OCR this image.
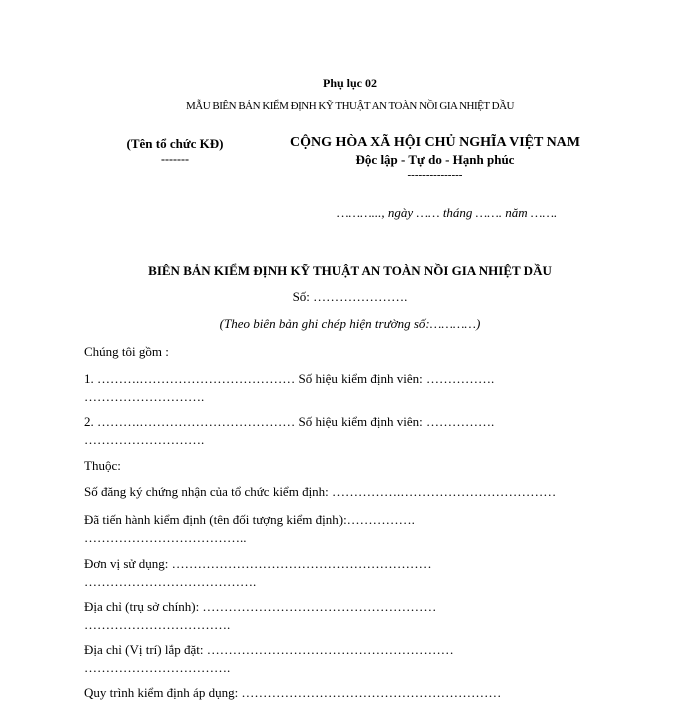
Phụ lục 02
MẪU BIÊN BẢN KIỂM ĐỊNH KỸ THUẬT AN TOÀN NỒI GIA NHIỆT DẦU
(Tên tổ chức KĐ)
-------
CỘNG HÒA XÃ HỘI CHỦ NGHĨA VIỆT NAM
Độc lập - Tự do - Hạnh phúc
---------------
………..., ngày …… tháng ……. năm …….
BIÊN BẢN KIỂM ĐỊNH KỸ THUẬT AN TOÀN NỒI GIA NHIỆT DẦU
Số: ………………….
(Theo biên bản ghi chép hiện trường số:…………)
Chúng tôi gồm :
1. ……….……………………………… Số hiệu kiểm định viên: …………….
……………………….
2. ……….……………………………… Số hiệu kiểm định viên: …………….
……………………….
Thuộc:
Số đăng ký chứng nhận của tổ chức kiểm định: …………….………………………………
Đã tiến hành kiểm định (tên đối tượng kiểm định):…………….
………………………………..
Đơn vị sử dụng: ……………………………………………………
………………………………….
Địa chỉ (trụ sở chính): ………………………………………………
…………………………….
Địa chỉ (Vị trí) lắp đặt: …………………………………………………
…………………………….
Quy trình kiểm định áp dụng: ……………………………………………………
